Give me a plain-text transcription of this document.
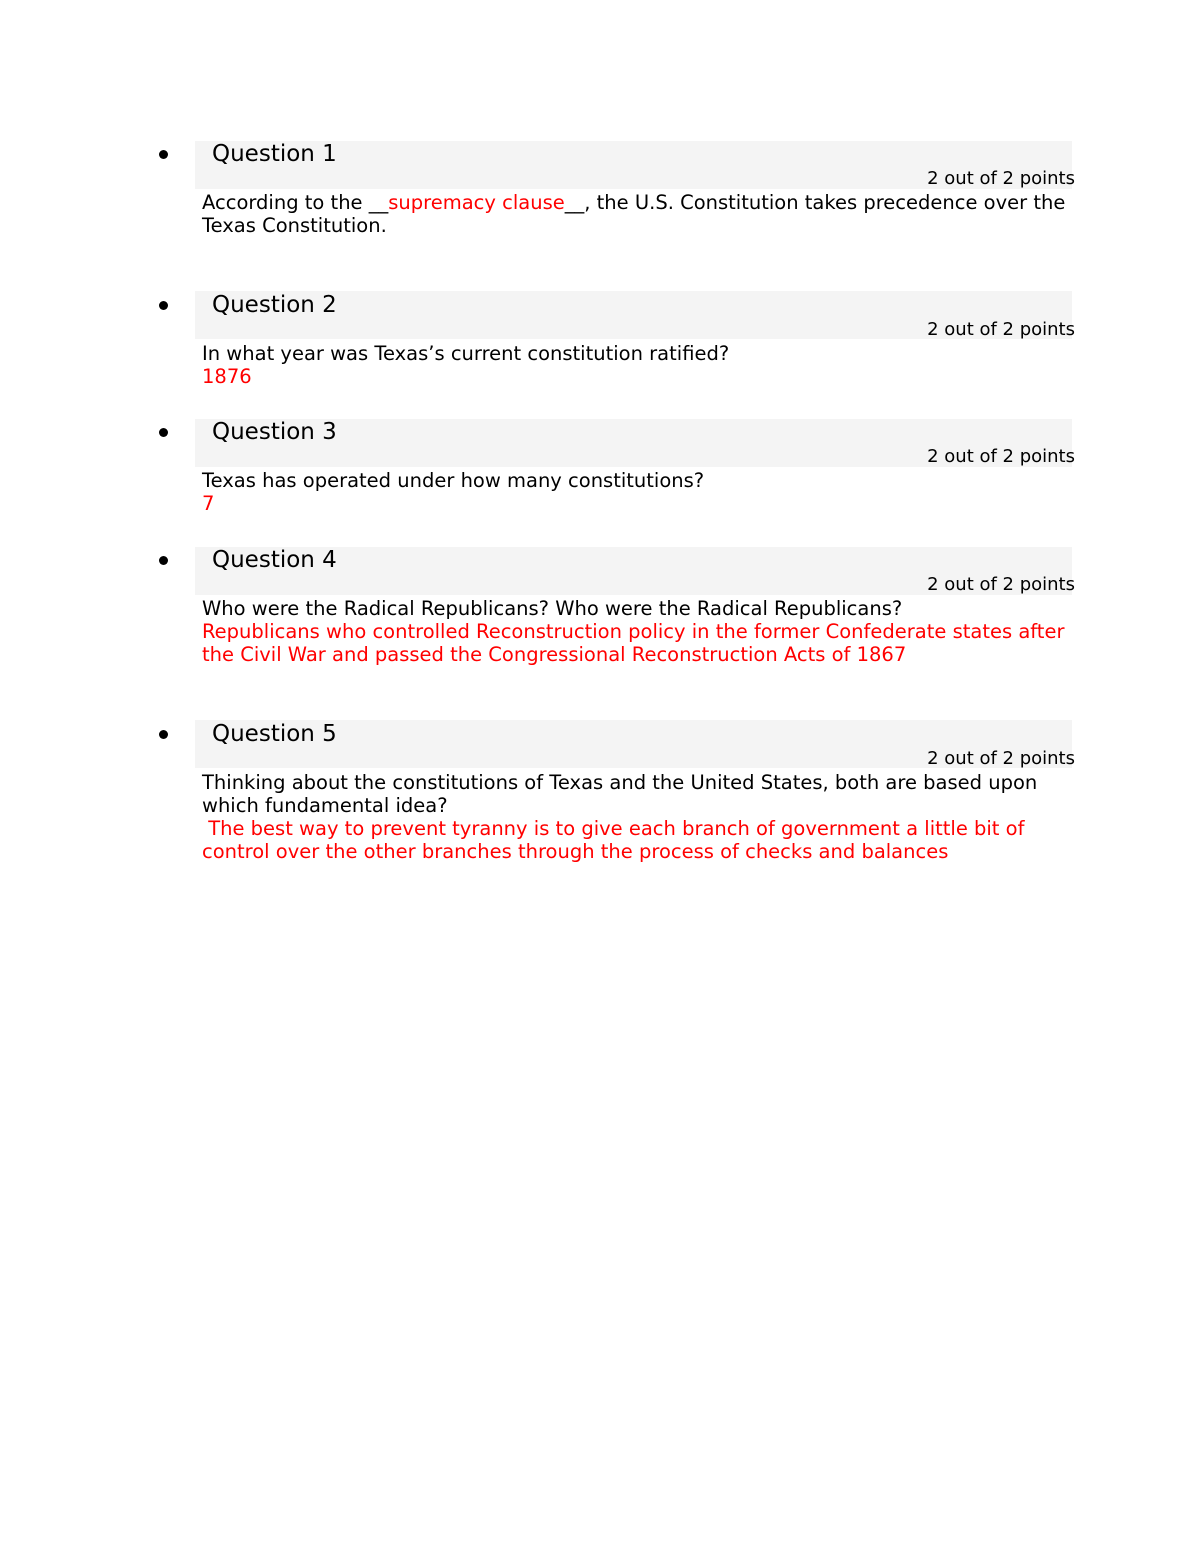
Question 1
2 out of 2 points

According to the __supremacy clause__, the U.S. Constitution takes precedence over the Texas Constitution.

Question 2
2 out of 2 points

In what year was Texas’s current constitution ratified?

1876

Question 3
2 out of 2 points

Texas has operated under how many constitutions?

7

Question 4
2 out of 2 points

Who were the Radical Republicans? Who were the Radical Republicans?

Republicans who controlled Reconstruction policy in the former Confederate states after the Civil War and passed the Congressional Reconstruction Acts of 1867

Question 5
2 out of 2 points

Thinking about the constitutions of Texas and the United States, both are based upon which fundamental idea?

The best way to prevent tyranny is to give each branch of government a little bit of control over the other branches through the process of checks and balances
